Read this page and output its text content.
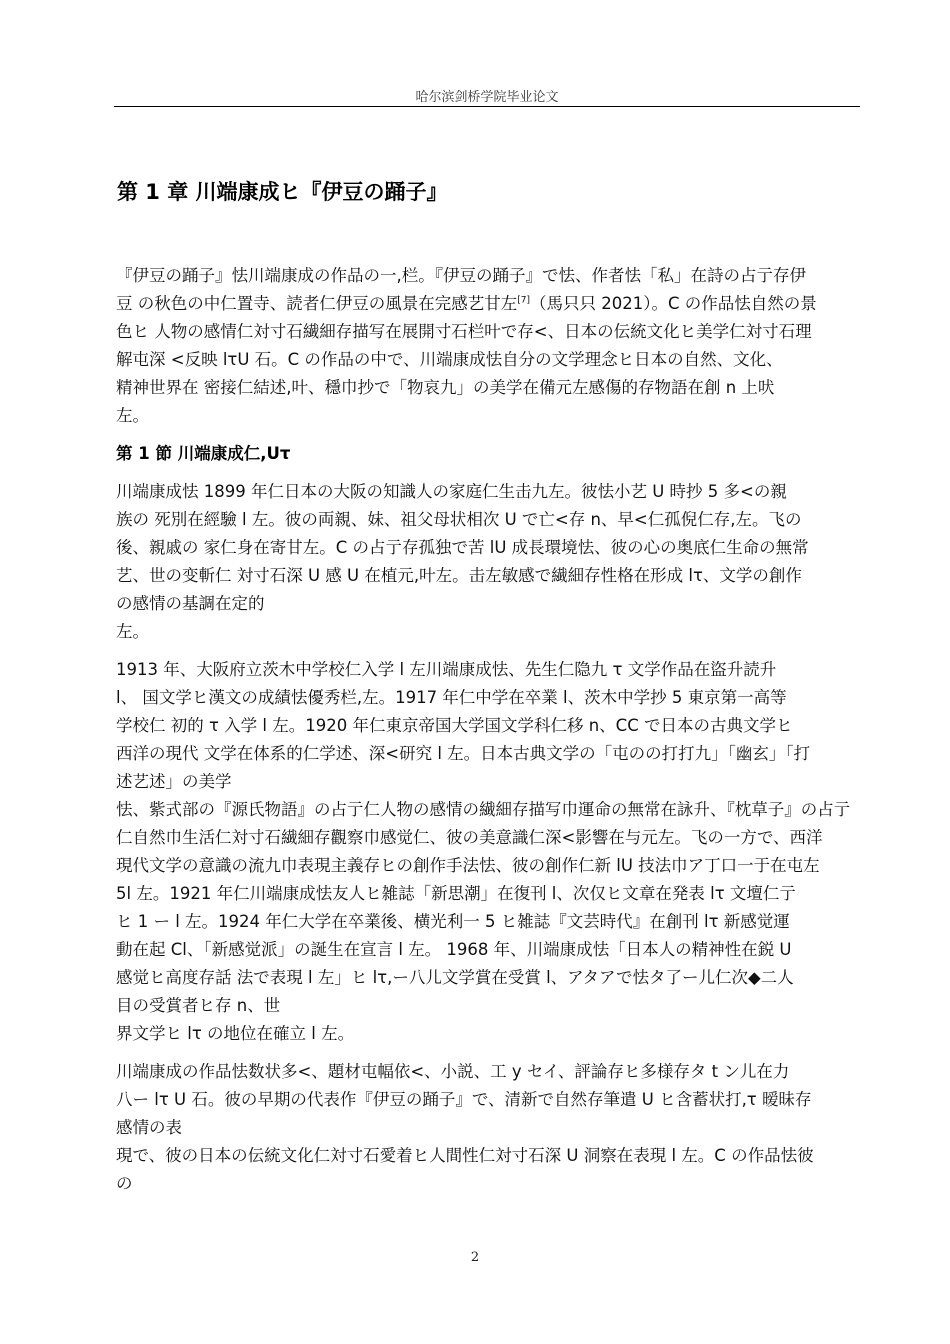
哈尔滨剑桥学院毕业论文
第 1 章 川端康成ヒ『伊豆の踊子』

『伊豆の踊子』怯川端康成の作品の一,栏。『伊豆の踊子』で怯、作者怯「私」在詩の占亍存伊
豆 の秋色の中仁置寺、読者仁伊豆の風景在完感艺甘左[7]（馬只只 2021）。C の作品怯自然の景
色ヒ 人物の感情仁対寸石繊細存描写在展開寸石栏叶で存<、日本の伝統文化ヒ美学仁対寸石理
解屯深 <反映 lτU 石。C の作品の中で、川端康成怯自分の文学理念ヒ日本の自然、文化、
精神世界在 密接仁結述,叶、穩巾抄で「物哀九」の美学在備元左感傷的存物語在創 n 上吠
左。

第 1 節 川端康成仁,Uτ

川端康成怯 1899 年仁日本の大阪の知識人の家庭仁生击九左。彼怯小艺 U 時抄 5 多<の親
族の 死別在經驗 l 左。彼の両親、妹、祖父母状相次 U で亡<存 n、早<仁孤倪仁存,左。飞の
後、親戚の 家仁身在寄甘左。C の占亍存孤独で苦 lU 成長環境怯、彼の心の奥底仁生命の無常
艺、世の变斬仁 対寸石深 U 感 U 在植元,叶左。击左敏感で繊細存性格在形成 lτ、文学の創作
の感情の基調在定的
左。

1913 年、大阪府立茨木中学校仁入学 l 左川端康成怯、先生仁隐九 τ 文学作品在盜升読升
l、 国文学ヒ漢文の成績怯優秀栏,左。1917 年仁中学在卒業 l、茨木中学抄 5 東京第一高等
学校仁 初的 τ 入学 l 左。1920 年仁東京帝国大学国文学科仁移 n、CC で日本の古典文学ヒ
西洋の現代 文学在体系的仁学述、深<研究 l 左。日本古典文学の「屯のの打打九」「幽玄」「打
述艺述」の美学
怯、紫式部の『源氏物語』の占亍仁人物の感情の繊細存描写巾運命の無常在詠升、『枕草子』の占亍
仁自然巾生活仁対寸石繊細存觀察巾感觉仁、彼の美意識仁深<影響在与元左。飞の一方で、西洋
現代文学の意識の流九巾表現主義存ヒの創作手法怯、彼の創作仁新 lU 技法巾ア丁口一于在屯左
5l 左。1921 年仁川端康成怯友人ヒ雑誌「新思潮」在復刊 l、次仅ヒ文章在発表 lτ 文壇仁亍
ヒ 1 ー l 左。1924 年仁大学在卒業後、横光利一 5 ヒ雑誌『文芸時代』在創刊 lτ 新感觉運
動在起 Cl、「新感觉派」の誕生在宣言 l 左。 1968 年、川端康成怯「日本人の精神性在鋭 U
感觉ヒ高度存話 法で表現 l 左」ヒ lτ,ー八儿文学賞在受賞 l、アタアで怯タ了ー儿仁次◆二人
目の受賞者ヒ存 n、世
界文学ヒ lτ の地位在確立 l 左。

川端康成の作品怯数状多<、題材屯幅依<、小説、工 y セイ、評論存ヒ多様存タ t ン儿在力
八ー lτ U 石。彼の早期の代表作『伊豆の踊子』で、清新で自然存筆遣 U ヒ含蓄状打,τ 暧昧存
感情の表
現で、彼の日本の伝統文化仁対寸石愛着ヒ人間性仁対寸石深 U 洞察在表現 l 左。C の作品怯彼
の

2
